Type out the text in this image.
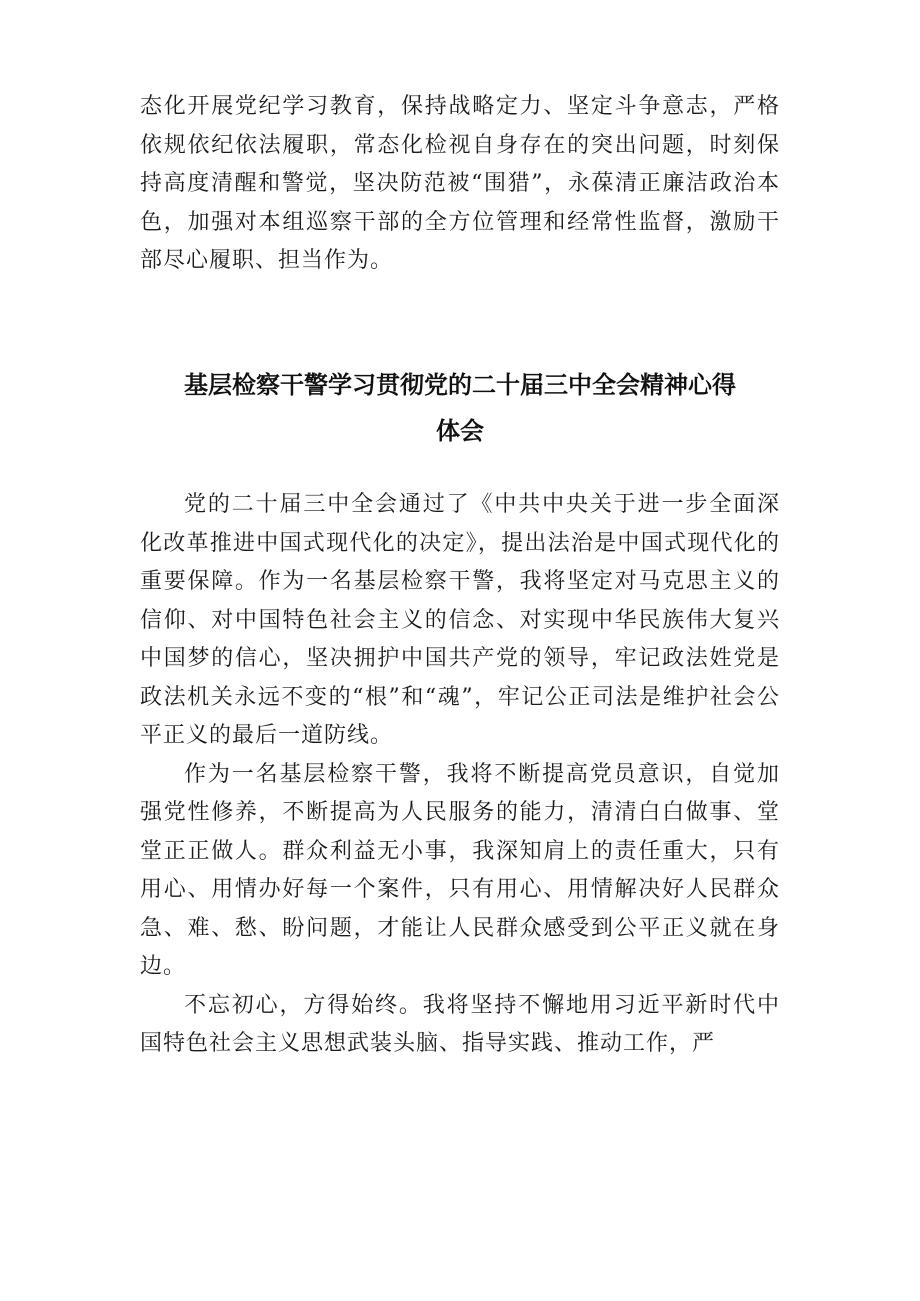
态化开展党纪学习教育，保持战略定力、坚定斗争意志，严格依规依纪依法履职，常态化检视自身存在的突出问题，时刻保持高度清醒和警觉，坚决防范被“围猎”，永葆清正廉洁政治本色，加强对本组巡察干部的全方位管理和经常性监督，激励干部尽心履职、担当作为。
基层检察干警学习贯彻党的二十届三中全会精神心得
体会

党的二十届三中全会通过了《中共中央关于进一步全面深化改革推进中国式现代化的决定》，提出法治是中国式现代化的重要保障。作为一名基层检察干警，我将坚定对马克思主义的信仰、对中国特色社会主义的信念、对实现中华民族伟大复兴中国梦的信心，坚决拥护中国共产党的领导，牢记政法姓党是政法机关永远不变的“根”和“魂”，牢记公正司法是维护社会公平正义的最后一道防线。

作为一名基层检察干警，我将不断提高党员意识，自觉加强党性修养，不断提高为人民服务的能力，清清白白做事、堂堂正正做人。群众利益无小事，我深知肩上的责任重大，只有用心、用情办好每一个案件，只有用心、用情解决好人民群众急、难、愁、盼问题，才能让人民群众感受到公平正义就在身边。

不忘初心，方得始终。我将坚持不懈地用习近平新时代中国特色社会主义思想武装头脑、指导实践、推动工作，严
